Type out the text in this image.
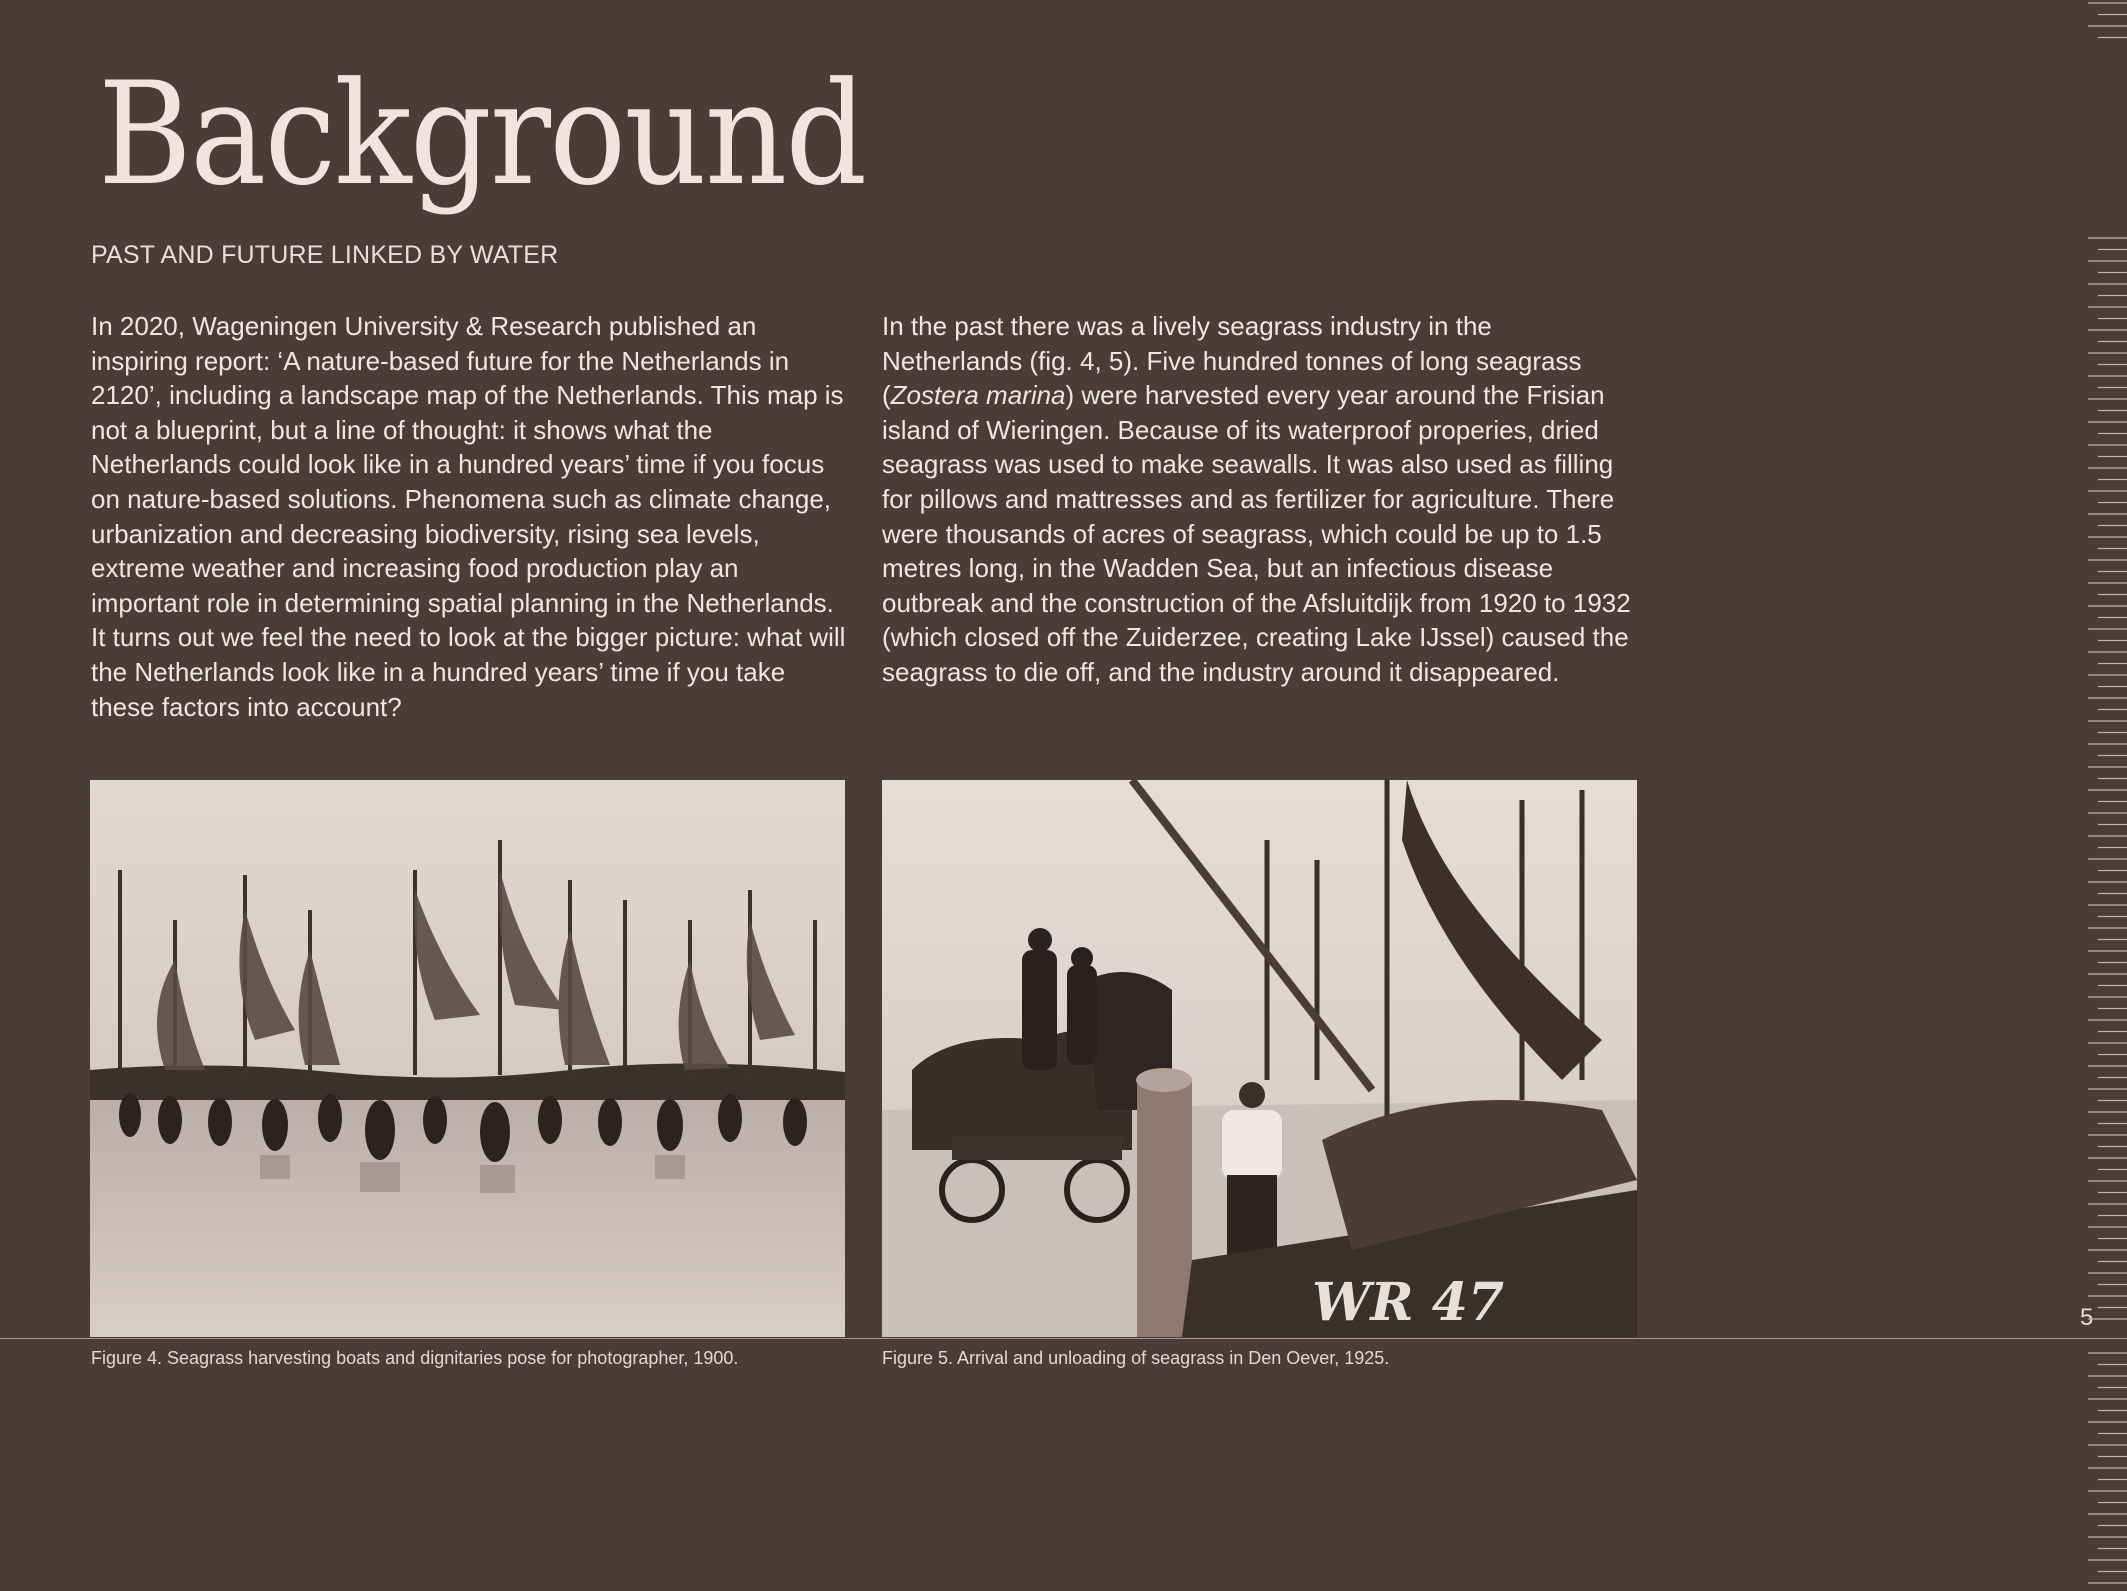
Background
PAST AND FUTURE LINKED BY WATER

In 2020, Wageningen University & Research published an inspiring report: ‘A nature-based future for the Netherlands in 2120’, including a landscape map of the Netherlands. This map is not a blueprint, but a line of thought: it shows what the Netherlands could look like in a hundred years’ time if you focus on nature-based solutions. Phenomena such as climate change, urbanization and decreasing biodiversity, rising sea levels, extreme weather and increasing food production play an important role in determining spatial planning in the Netherlands. It turns out we feel the need to look at the bigger picture: what will the Netherlands look like in a hundred years’ time if you take these factors into account?

In the past there was a lively seagrass industry in the Netherlands (fig. 4, 5). Five hundred tonnes of long seagrass (Zostera marina) were harvested every year around the Frisian island of Wieringen. Because of its waterproof properies, dried seagrass was used to make seawalls. It was also used as filling for pillows and mattresses and as fertilizer for agriculture. There were thousands of acres of seagrass, which could be up to 1.5 metres long, in the Wadden Sea, but an infectious disease outbreak and the construction of the Afsluitdijk from 1920 to 1932 (which closed off the Zuiderzee, creating Lake IJssel) caused the seagrass to die off, and the industry around it disappeared.

WR 47
Figure 4. Seagrass harvesting boats and dignitaries pose for photographer, 1900.	Figure 5. Arrival and unloading of seagrass in Den Oever, 1925.
5
